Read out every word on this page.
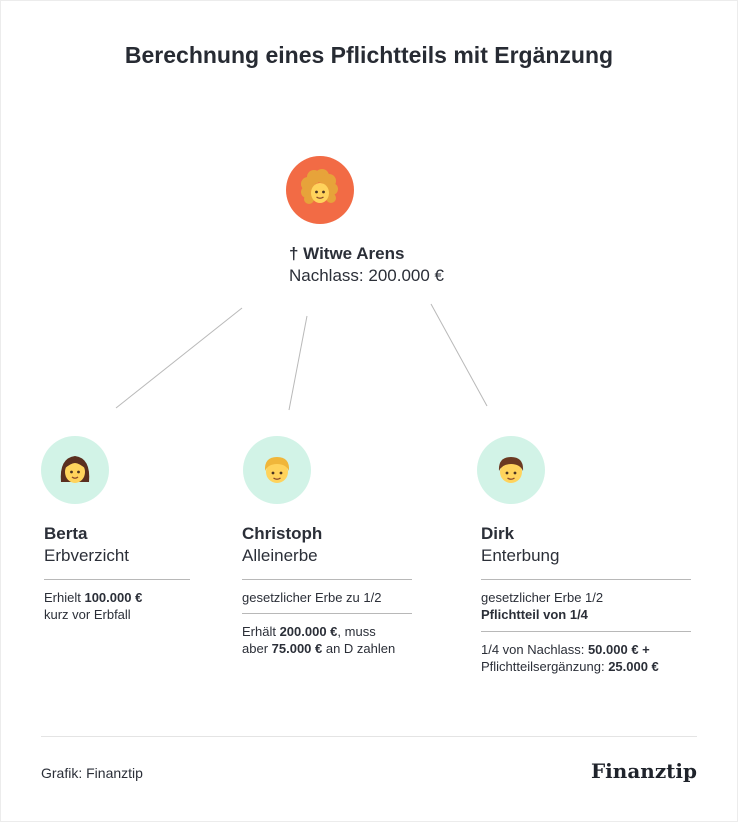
Berechnung eines Pflichtteils mit Ergänzung
† Witwe Arens
Nachlass: 200.000 €
Berta
Erbverzicht
Erhielt 100.000 €
kurz vor Erbfall
Christoph
Alleinerbe
gesetzlicher Erbe zu 1/2
Erhält 200.000 €, muss
aber 75.000 € an D zahlen
Dirk
Enterbung
gesetzlicher Erbe 1/2
Pflichtteil von 1/4
1/4 von Nachlass: 50.000 € +
Pflichtteilsergänzung: 25.000 €
Grafik: Finanztip	Finanztip
